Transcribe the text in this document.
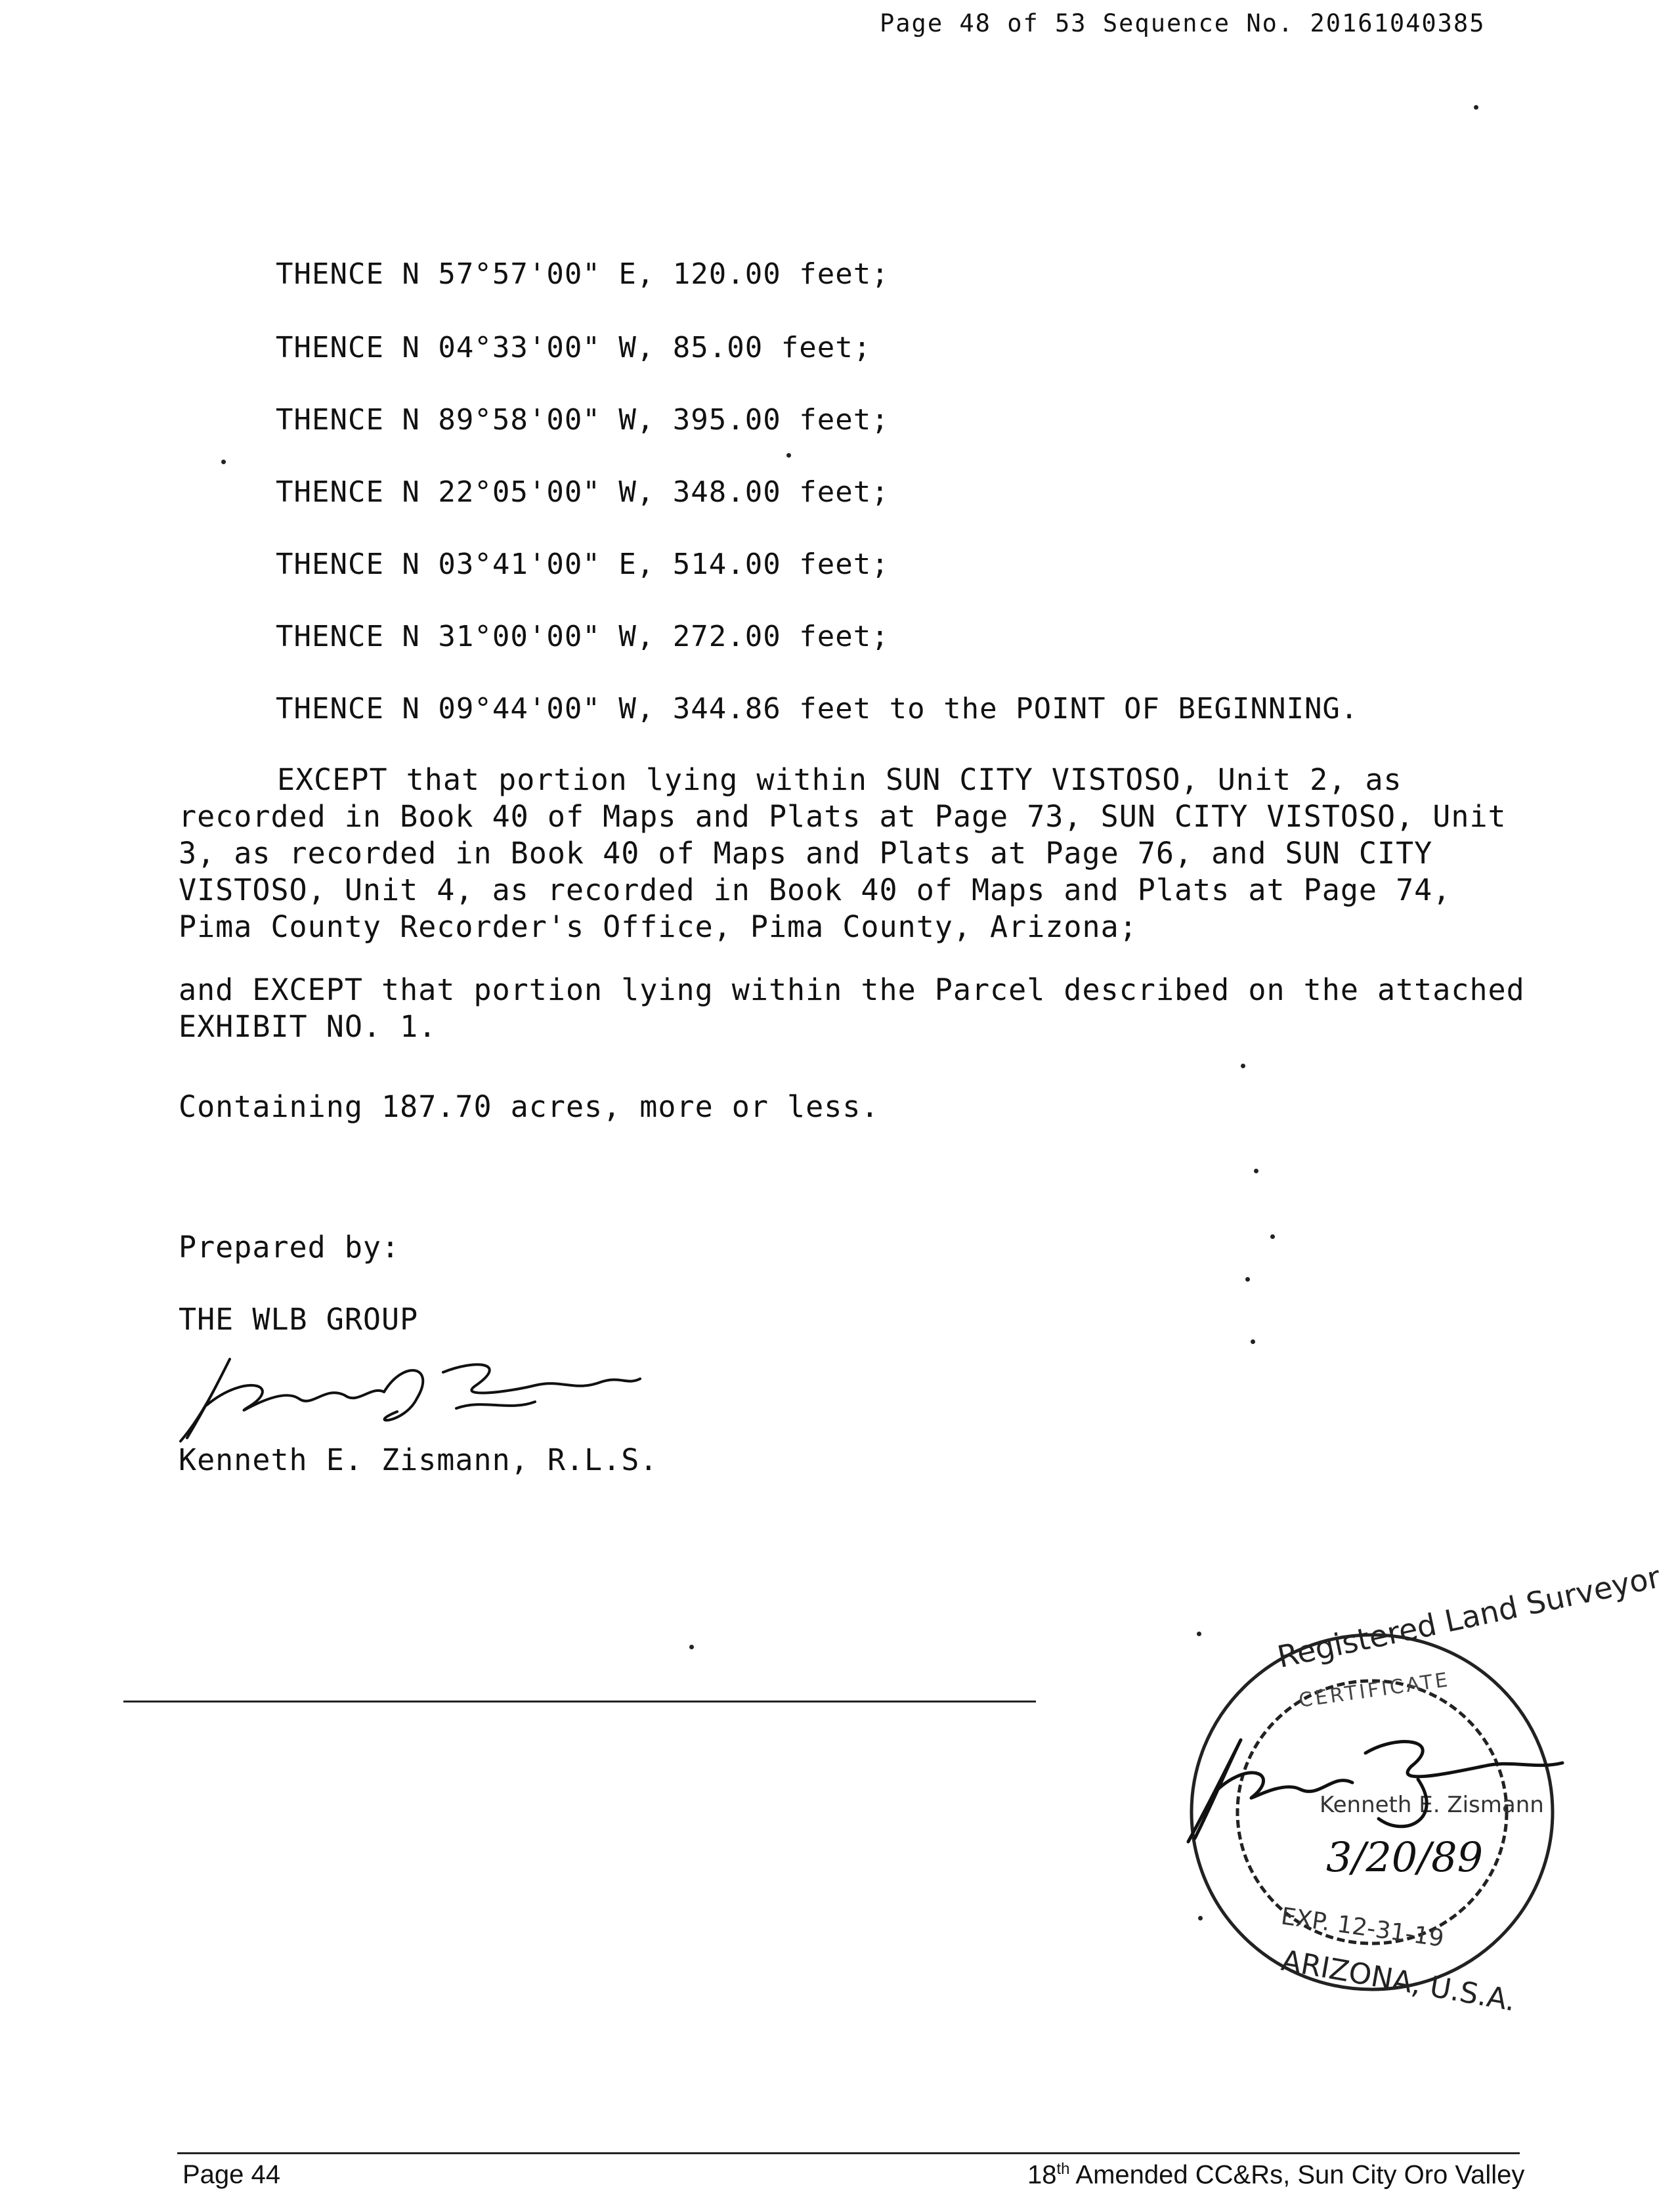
Page 48 of 53 Sequence No. 20161040385
THENCE N 57°57'00" E, 120.00 feet;
THENCE N 04°33'00" W, 85.00 feet;
THENCE N 89°58'00" W, 395.00 feet;
THENCE N 22°05'00" W, 348.00 feet;
THENCE N 03°41'00" E, 514.00 feet;
THENCE N 31°00'00" W, 272.00 feet;
THENCE N 09°44'00" W, 344.86 feet to the POINT OF BEGINNING.
EXCEPT that portion lying within SUN CITY VISTOSO, Unit 2, as recorded in Book 40 of Maps and Plats at Page 73, SUN CITY VISTOSO, Unit 3, as recorded in Book 40 of Maps and Plats at Page 76, and SUN CITY VISTOSO, Unit 4, as recorded in Book 40 of Maps and Plats at Page 74, Pima County Recorder's Office, Pima County, Arizona;
and EXCEPT that portion lying within the Parcel described on the attached EXHIBIT NO. 1.
Containing 187.70 acres, more or less.
Prepared by:
THE WLB GROUP
Kenneth E. Zismann, R.L.S.
Registered Land Surveyor
CERTIFICATE
Kenneth E. Zismann
3/20/89
EXP. 12-31-19
ARIZONA, U.S.A.
Page 44	18th Amended CC&Rs, Sun City Oro Valley
